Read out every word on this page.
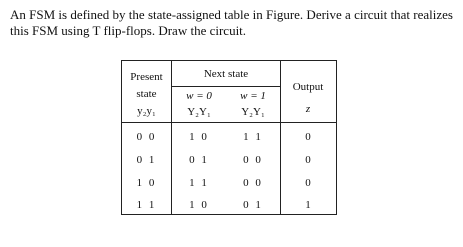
An FSM is defined by the state-assigned table in Figure. Derive a circuit that realizes this FSM using T flip-flops. Draw the circuit.

Present
state
y₂y₁
Next state
w = 0	w = 1
Y₂Y₁	Y₂Y₁
Output
z
0 0	1 0	1 1	0
0 1	0 1	0 0	0
1 0	1 1	0 0	0
1 1	1 0	0 1	1
